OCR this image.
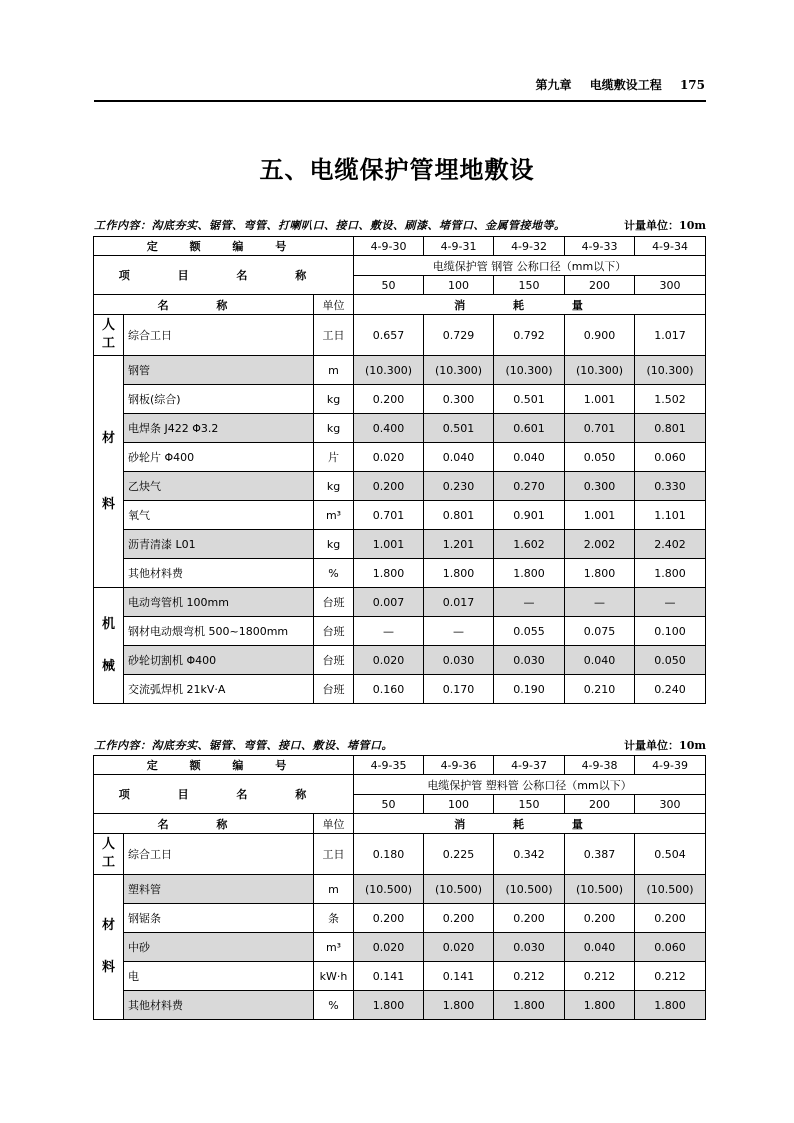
第九章 电缆敷设工程 175
五、电缆保护管埋地敷设
工作内容：沟底夯实、锯管、弯管、打喇叭口、接口、敷设、刷漆、堵管口、金属管接地等。	计量单位：10m
定 额 编 号			4-9-30	4-9-31	4-9-32	4-9-33	4-9-34
项 目 名 称			电缆保护管 钢管 公称口径（mm以下）				
			50	100	150	200	300
名 称		单位	消 耗 量				
人工	综合工日	工日	0.657	0.729	0.792	0.900	1.017

材
料	钢管	m	(10.300)	(10.300)	(10.300)	(10.300)	(10.300)
	钢板(综合)	kg	0.200	0.300	0.501	1.001	1.502
	电焊条 J422 Φ3.2	kg	0.400	0.501	0.601	0.701	0.801
	砂轮片 Φ400	片	0.020	0.040	0.040	0.050	0.060
	乙炔气	kg	0.200	0.230	0.270	0.300	0.330
	氧气	m³	0.701	0.801	0.901	1.001	1.101
	沥青清漆 L01	kg	1.001	1.201	1.602	2.002	2.402
	其他材料费	%	1.800	1.800	1.800	1.800	1.800

机
械	电动弯管机 100mm	台班	0.007	0.017	—	—	—
	钢材电动煨弯机 500~1800mm	台班	—	—	0.055	0.075	0.100
	砂轮切割机 Φ400	台班	0.020	0.030	0.030	0.040	0.050
	交流弧焊机 21kV·A	台班	0.160	0.170	0.190	0.210	0.240
工作内容：沟底夯实、锯管、弯管、接口、敷设、堵管口。	计量单位：10m
定 额 编 号			4-9-35	4-9-36	4-9-37	4-9-38	4-9-39
项 目 名 称			电缆保护管 塑料管 公称口径（mm以下）				
			50	100	150	200	300
名 称		单位	消 耗 量				
人工	综合工日	工日	0.180	0.225	0.342	0.387	0.504

材
料	塑料管	m	(10.500)	(10.500)	(10.500)	(10.500)	(10.500)
	钢锯条	条	0.200	0.200	0.200	0.200	0.200
	中砂	m³	0.020	0.020	0.030	0.040	0.060
	电	kW·h	0.141	0.141	0.212	0.212	0.212
	其他材料费	%	1.800	1.800	1.800	1.800	1.800
